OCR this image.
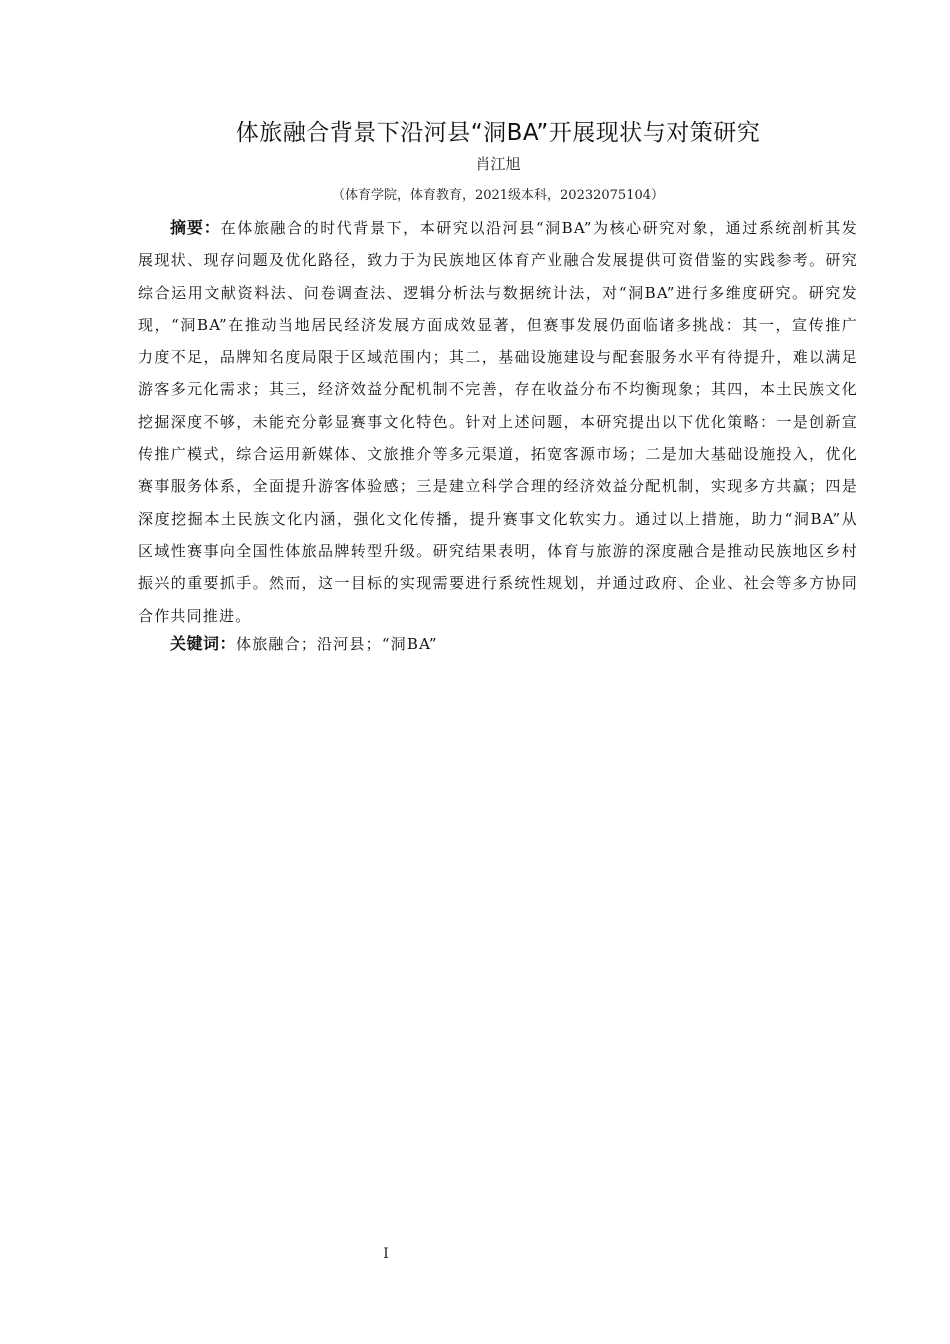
体旅融合背景下沿河县“洞BA”开展现状与对策研究
肖江旭
（体育学院，体育教育，2021级本科，20232075104）

摘要：在体旅融合的时代背景下，本研究以沿河县“洞BA”为核心研究对象，通过系统剖析其发展现状、现存问题及优化路径，致力于为民族地区体育产业融合发展提供可资借鉴的实践参考。研究综合运用文献资料法、问卷调查法、逻辑分析法与数据统计法，对“洞BA”进行多维度研究。研究发现，“洞BA”在推动当地居民经济发展方面成效显著，但赛事发展仍面临诸多挑战：其一，宣传推广力度不足，品牌知名度局限于区域范围内；其二，基础设施建设与配套服务水平有待提升，难以满足游客多元化需求；其三，经济效益分配机制不完善，存在收益分布不均衡现象；其四，本土民族文化挖掘深度不够，未能充分彰显赛事文化特色。针对上述问题，本研究提出以下优化策略：一是创新宣传推广模式，综合运用新媒体、文旅推介等多元渠道，拓宽客源市场；二是加大基础设施投入，优化赛事服务体系，全面提升游客体验感；三是建立科学合理的经济效益分配机制，实现多方共赢；四是深度挖掘本土民族文化内涵，强化文化传播，提升赛事文化软实力。通过以上措施，助力“洞BA”从区域性赛事向全国性体旅品牌转型升级。研究结果表明，体育与旅游的深度融合是推动民族地区乡村振兴的重要抓手。然而，这一目标的实现需要进行系统性规划，并通过政府、企业、社会等多方协同合作共同推进。

关键词：体旅融合；沿河县；“洞BA”

I
